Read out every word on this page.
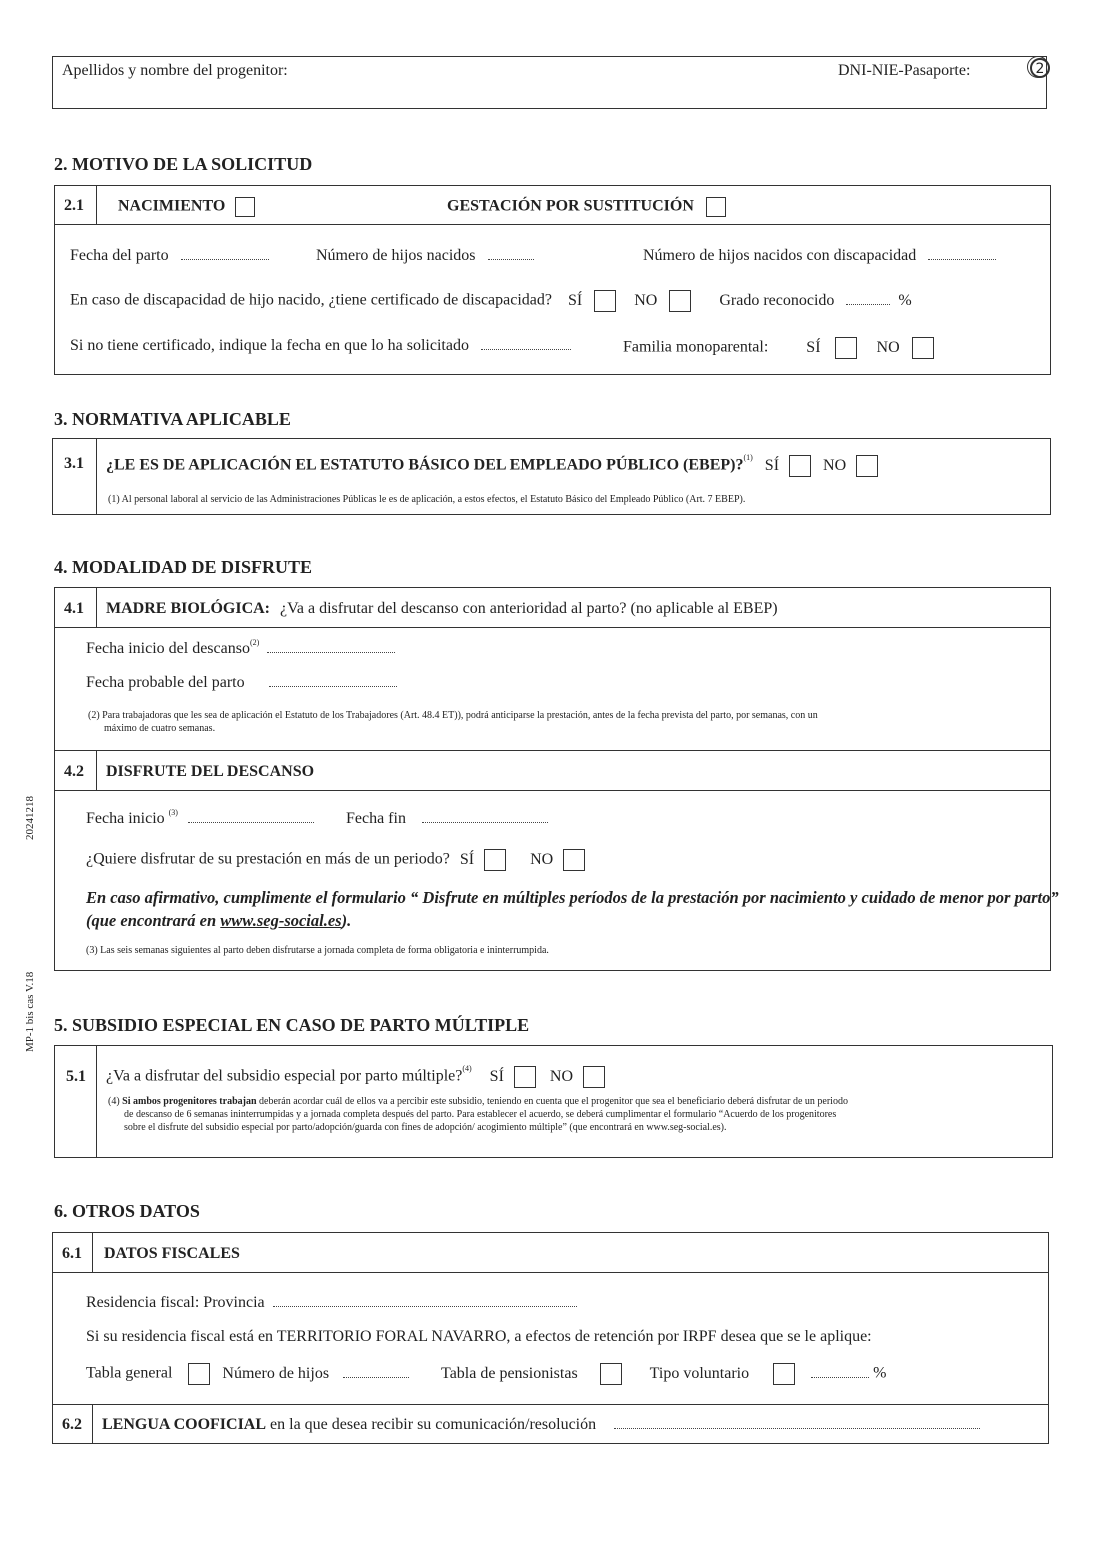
20241218
MP-1 bis cas V.18
Apellidos y nombre del progenitor:	DNI-NIE-Pasaporte:	2
2. MOTIVO DE LA SOLICITUD
2.1 NACIMIENTO	GESTACIÓN POR SUSTITUCIÓN
Fecha del parto	Número de hijos nacidos	Número de hijos nacidos con discapacidad
En caso de discapacidad de hijo nacido, ¿tiene certificado de discapacidad? SÍ	NO	Grado reconocido	%
Si no tiene certificado, indique la fecha en que lo ha solicitado	Familia monoparental: SÍ	NO
3. NORMATIVA APLICABLE
3.1 ¿LE ES DE APLICACIÓN EL ESTATUTO BÁSICO DEL EMPLEADO PÚBLICO (EBEP)?$^{(1)}$ SÍ	NO
(1) Al personal laboral al servicio de las Administraciones Públicas le es de aplicación, a estos efectos, el Estatuto Básico del Empleado Público (Art. 7 EBEP).
4. MODALIDAD DE DISFRUTE
4.1 MADRE BIOLÓGICA: ¿Va a disfrutar del descanso con anterioridad al parto? (no aplicable al EBEP)
Fecha inicio del descanso$^{(2)}$
Fecha probable del parto
(2) Para trabajadoras que les sea de aplicación el Estatuto de los Trabajadores (Art. 48.4 ET)), podrá anticiparse la prestación, antes de la fecha prevista del parto, por semanas, con un
máximo de cuatro semanas.
4.2 DISFRUTE DEL DESCANSO
Fecha inicio $^{(3)}$	Fecha fin
¿Quiere disfrutar de su prestación en más de un periodo? SÍ	NO
En caso afirmativo, cumplimente el formulario “ Disfrute en múltiples períodos de la prestación por nacimiento y cuidado de menor por parto”
(que encontrará en www.seg-social.es).
(3) Las seis semanas siguientes al parto deben disfrutarse a jornada completa de forma obligatoria e ininterrumpida.
5. SUBSIDIO ESPECIAL EN CASO DE PARTO MÚLTIPLE
5.1 ¿Va a disfrutar del subsidio especial por parto múltiple?$^{(4)}$ SÍ	NO
(4) Si ambos progenitores trabajan deberán acordar cuál de ellos va a percibir este subsidio, teniendo en cuenta que el progenitor que sea el beneficiario deberá disfrutar de un periodo
de descanso de 6 semanas ininterrumpidas y a jornada completa después del parto. Para establecer el acuerdo, se deberá cumplimentar el formulario “Acuerdo de los progenitores
sobre el disfrute del subsidio especial por parto/adopción/guarda con fines de adopción/ acogimiento múltiple” (que encontrará en www.seg-social.es).
6. OTROS DATOS
6.1 DATOS FISCALES
Residencia fiscal: Provincia
Si su residencia fiscal está en TERRITORIO FORAL NAVARRO, a efectos de retención por IRPF desea que se le aplique:
Tabla general	Número de hijos	Tabla de pensionistas	Tipo voluntario	%
6.2 LENGUA COOFICIAL en la que desea recibir su comunicación/resolución
